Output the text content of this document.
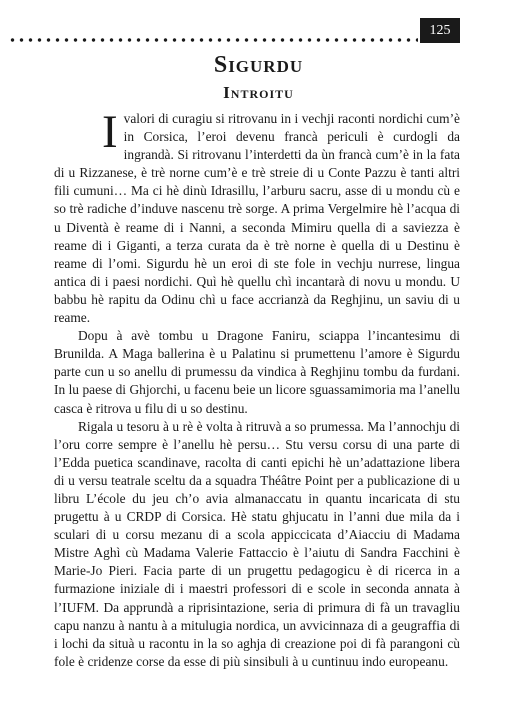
125
Sigurdu
Introitu

I valori di curagiu si ritrovanu in i vechji raconti nordichi cum’è in Corsica, l’eroi devenu francà periculi è curdogli da ingrandà. Si ritrovanu l’interdetti da ùn francà cum’è in la fata di u Rizzanese, è trè norne cum’è e trè streie di u Conte Pazzu è tanti altri fili cumuni… Ma ci hè dinù Idrasillu, l’arburu sacru, asse di u mondu cù e so trè radiche d’induve nascenu trè sorge. A prima Vergelmire hè l’acqua di u Diventà è reame di i Nanni, a seconda Mimiru quella di a saviezza è reame di i Giganti, a terza curata da è trè norne è quella di u Destinu è reame di l’omi. Sigurdu hè un eroi di ste fole in vechju nurrese, lingua antica di i paesi nordichi. Quì hè quellu chì incantarà di novu u mondu. U babbu hè rapitu da Odinu chì u face accrianzà da Reghjinu, un saviu di u reame.

Dopu à avè tombu u Dragone Faniru, sciappa l’incantesimu di Brunilda. A Maga ballerina è u Palatinu si prumettenu l’amore è Sigurdu parte cun u so anellu di prumessu da vindica à Reghjinu tombu da furdani. In lu paese di Ghjorchi, u facenu beie un licore sguassamimoria ma l’anellu casca è ritrova u filu di u so destinu.

Rigala u tesoru à u rè è volta à ritruvà a so prumessa. Ma l’annochju di l’oru corre sempre è l’anellu hè persu… Stu versu corsu di una parte di l’Edda puetica scandinave, racolta di canti epichi hè un’adattazione libera di u versu teatrale sceltu da a squadra Théâtre Point per a publicazione di u libru L’école du jeu ch’o avia almanaccatu in quantu incaricata di stu prugettu à u CRDP di Corsica. Hè statu ghjucatu in l’anni due mila da i sculari di u corsu mezanu di a scola appiccicata d’Aiacciu di Madama Mistre Aghì cù Madama Valerie Fattaccio è l’aiutu di Sandra Facchini è Marie-Jo Pieri. Facia parte di un prugettu pedagogicu è di ricerca in a furmazione iniziale di i maestri professori di e scole in seconda annata à l’IUFM. Da apprundà a riprisintazione, seria di primura di fà un travagliu capu nanzu à nantu à a mitulugia nordica, un avvicinnaza di a geugraffia di i lochi da situà u racontu in la so aghja di creazione poi di fà parangoni cù fole è cridenze corse da esse di più sinsibuli à u cuntinuu indo europeanu.
